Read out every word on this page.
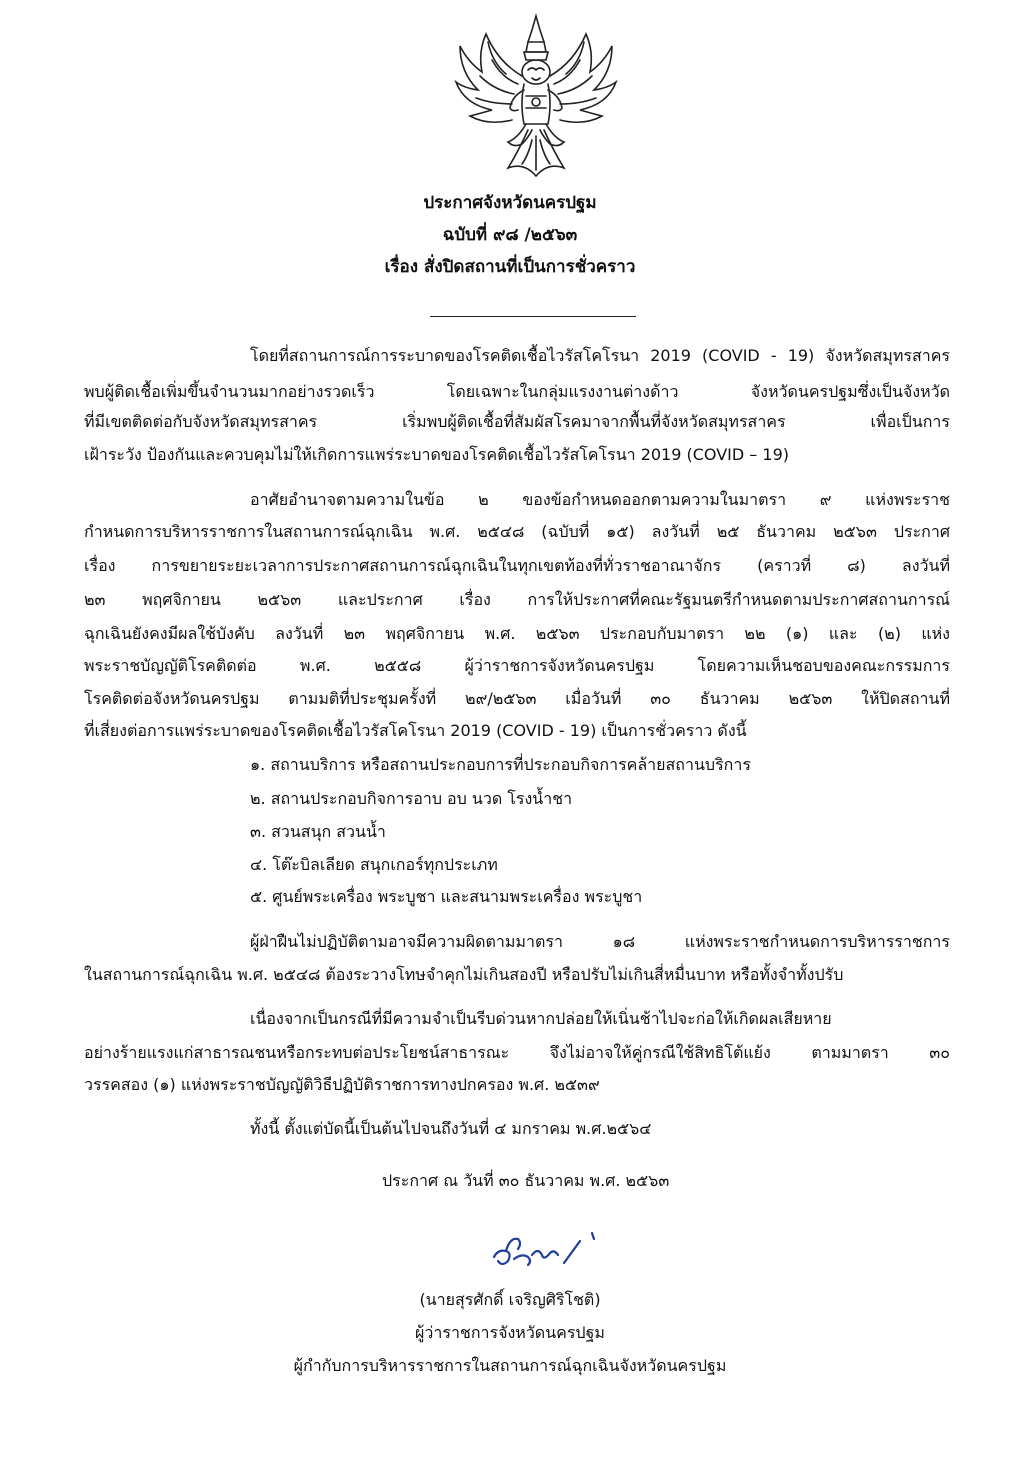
ประกาศจังหวัดนครปฐม
ฉบับที่ ๙๘ /๒๕๖๓
เรื่อง สั่งปิดสถานที่เป็นการชั่วคราว
โดยที่สถานการณ์การระบาดของโรคติดเชื้อไวรัสโคโรนา 2019 (COVID - 19) จังหวัดสมุทรสาคร
พบผู้ติดเชื้อเพิ่มขึ้นจำนวนมากอย่างรวดเร็ว โดยเฉพาะในกลุ่มแรงงานต่างด้าว จังหวัดนครปฐมซึ่งเป็นจังหวัด
ที่มีเขตติดต่อกับจังหวัดสมุทรสาคร เริ่มพบผู้ติดเชื้อที่สัมผัสโรคมาจากพื้นที่จังหวัดสมุทรสาคร เพื่อเป็นการ
เฝ้าระวัง ป้องกันและควบคุมไม่ให้เกิดการแพร่ระบาดของโรคติดเชื้อไวรัสโคโรนา 2019 (COVID – 19)
อาศัยอำนาจตามความในข้อ ๒ ของข้อกำหนดออกตามความในมาตรา ๙ แห่งพระราช
กำหนดการบริหารราชการในสถานการณ์ฉุกเฉิน พ.ศ. ๒๕๔๘ (ฉบับที่ ๑๕) ลงวันที่ ๒๕ ธันวาคม ๒๕๖๓ ประกาศ
เรื่อง การขยายระยะเวลาการประกาศสถานการณ์ฉุกเฉินในทุกเขตท้องที่ทั่วราชอาณาจักร (คราวที่ ๘) ลงวันที่
๒๓ พฤศจิกายน ๒๕๖๓ และประกาศ เรื่อง การให้ประกาศที่คณะรัฐมนตรีกำหนดตามประกาศสถานการณ์
ฉุกเฉินยังคงมีผลใช้บังคับ ลงวันที่ ๒๓ พฤศจิกายน พ.ศ. ๒๕๖๓ ประกอบกับมาตรา ๒๒ (๑) และ (๒) แห่ง
พระราชบัญญัติโรคติดต่อ พ.ศ. ๒๕๕๘ ผู้ว่าราชการจังหวัดนครปฐม โดยความเห็นชอบของคณะกรรมการ
โรคติดต่อจังหวัดนครปฐม ตามมติที่ประชุมครั้งที่ ๒๙/๒๕๖๓ เมื่อวันที่ ๓๐ ธันวาคม ๒๕๖๓ ให้ปิดสถานที่
ที่เสี่ยงต่อการแพร่ระบาดของโรคติดเชื้อไวรัสโคโรนา 2019 (COVID - 19) เป็นการชั่วคราว ดังนี้
๑. สถานบริการ หรือสถานประกอบการที่ประกอบกิจการคล้ายสถานบริการ
๒. สถานประกอบกิจการอาบ อบ นวด โรงน้ำชา
๓. สวนสนุก สวนน้ำ
๔. โต๊ะบิลเลียด สนุกเกอร์ทุกประเภท
๕. ศูนย์พระเครื่อง พระบูชา และสนามพระเครื่อง พระบูชา
ผู้ฝ่าฝืนไม่ปฏิบัติตามอาจมีความผิดตามมาตรา ๑๘ แห่งพระราชกำหนดการบริหารราชการ
ในสถานการณ์ฉุกเฉิน พ.ศ. ๒๕๔๘ ต้องระวางโทษจำคุกไม่เกินสองปี หรือปรับไม่เกินสี่หมื่นบาท หรือทั้งจำทั้งปรับ
เนื่องจากเป็นกรณีที่มีความจำเป็นรีบด่วนหากปล่อยให้เนิ่นช้าไปจะก่อให้เกิดผลเสียหาย
อย่างร้ายแรงแก่สาธารณชนหรือกระทบต่อประโยชน์สาธารณะ จึงไม่อาจให้คู่กรณีใช้สิทธิโต้แย้ง ตามมาตรา ๓๐
วรรคสอง (๑) แห่งพระราชบัญญัติวิธีปฏิบัติราชการทางปกครอง พ.ศ. ๒๕๓๙
ทั้งนี้ ตั้งแต่บัดนี้เป็นต้นไปจนถึงวันที่ ๔ มกราคม พ.ศ.๒๕๖๔
ประกาศ ณ วันที่ ๓๐ ธันวาคม พ.ศ. ๒๕๖๓
(นายสุรศักดิ์ เจริญศิริโชติ)
ผู้ว่าราชการจังหวัดนครปฐม
ผู้กำกับการบริหารราชการในสถานการณ์ฉุกเฉินจังหวัดนครปฐม
